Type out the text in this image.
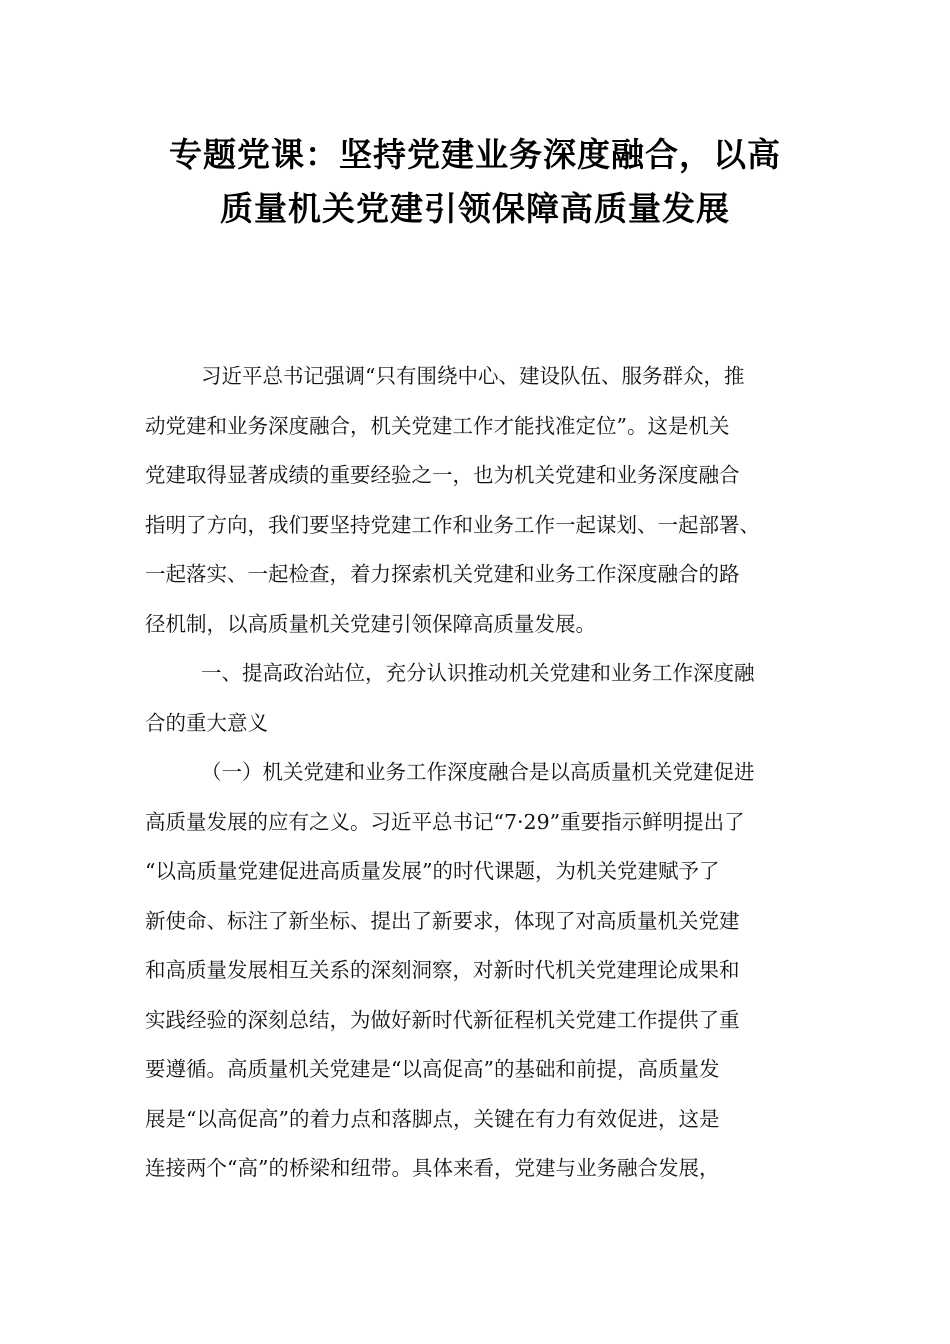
专题党课：坚持党建业务深度融合，以高
质量机关党建引领保障高质量发展
习近平总书记强调“只有围绕中心、建设队伍、服务群众，推
动党建和业务深度融合，机关党建工作才能找准定位”。这是机关
党建取得显著成绩的重要经验之一，也为机关党建和业务深度融合
指明了方向，我们要坚持党建工作和业务工作一起谋划、一起部署、
一起落实、一起检查，着力探索机关党建和业务工作深度融合的路
径机制，以高质量机关党建引领保障高质量发展。
一、提高政治站位，充分认识推动机关党建和业务工作深度融
合的重大意义
（一）机关党建和业务工作深度融合是以高质量机关党建促进
高质量发展的应有之义。习近平总书记“7·29”重要指示鲜明提出了
“以高质量党建促进高质量发展”的时代课题，为机关党建赋予了
新使命、标注了新坐标、提出了新要求，体现了对高质量机关党建
和高质量发展相互关系的深刻洞察，对新时代机关党建理论成果和
实践经验的深刻总结，为做好新时代新征程机关党建工作提供了重
要遵循。高质量机关党建是“以高促高”的基础和前提，高质量发
展是“以高促高”的着力点和落脚点，关键在有力有效促进，这是
连接两个“高”的桥梁和纽带。具体来看，党建与业务融合发展，
